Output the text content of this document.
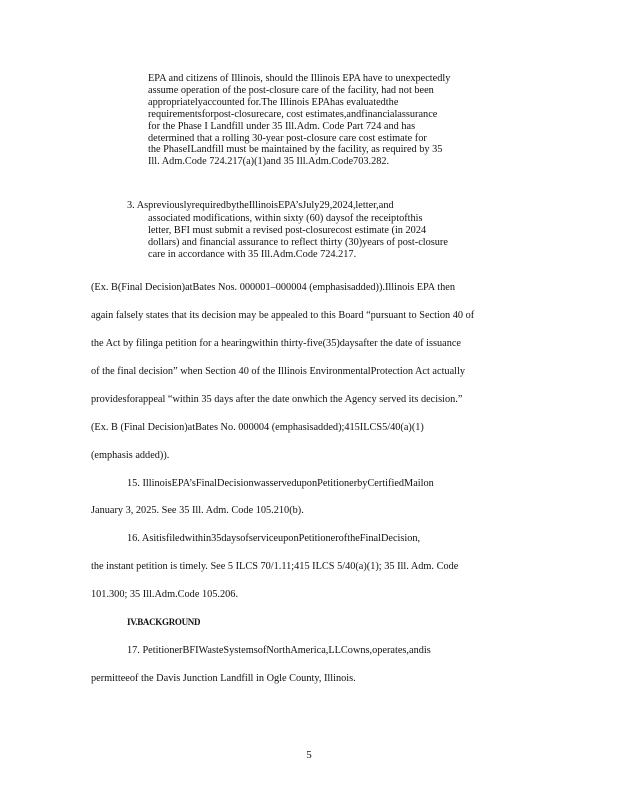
EPA and citizens of Illinois, should the Illinois EPA have to unexpectedly
assume operation of the post-closure care of the facility, had not been
appropriatelyaccounted for.The Illinois EPAhas evaluatedthe
requirementsforpost-closurecare, cost estimates,andfinancialassurance
for the Phase I Landfill under 35 Ill.Adm. Code Part 724 and has
determined that a rolling 30-year post-closure care cost estimate for
the PhaseILandfill must be maintained by the facility, as required by 35
Ill. Adm.Code 724.217(a)(1)and 35 Ill.Adm.Code703.282.
3. AspreviouslyrequiredbytheIllinoisEPA’sJuly29,2024,letter,and
associated modifications, within sixty (60) daysof the receiptofthis
letter, BFI must submit a revised post-closurecost estimate (in 2024
dollars) and financial assurance to reflect thirty (30)years of post-closure
care in accordance with 35 Ill.Adm.Code 724.217.
(Ex. B(Final Decision)atBates Nos. 000001–000004 (emphasisadded)).Illinois EPA then
again falsely states that its decision may be appealed to this Board “pursuant to Section 40 of
the Act by filinga petition for a hearingwithin thirty-five(35)daysafter the date of issuance
of the final decision” when Section 40 of the Illinois EnvironmentalProtection Act actually
providesforappeal “within 35 days after the date onwhich the Agency served its decision.”
(Ex. B (Final Decision)atBates No. 000004 (emphasisadded);415ILCS5/40(a)(1)
(emphasis added)).
15. IllinoisEPA’sFinalDecisionwasserveduponPetitionerbyCertifiedMailon
January 3, 2025. See 35 Ill. Adm. Code 105.210(b).
16. Asitisfiledwithin35daysofserviceuponPetitioneroftheFinalDecision,
the instant petition is timely. See 5 ILCS 70/1.11;415 ILCS 5/40(a)(1); 35 Ill. Adm. Code
101.300; 35 Ill.Adm.Code 105.206.
IV.BACKGROUND
17. PetitionerBFIWasteSystemsofNorthAmerica,LLCowns,operates,andis
permitteeof the Davis Junction Landfill in Ogle County, Illinois.
5
